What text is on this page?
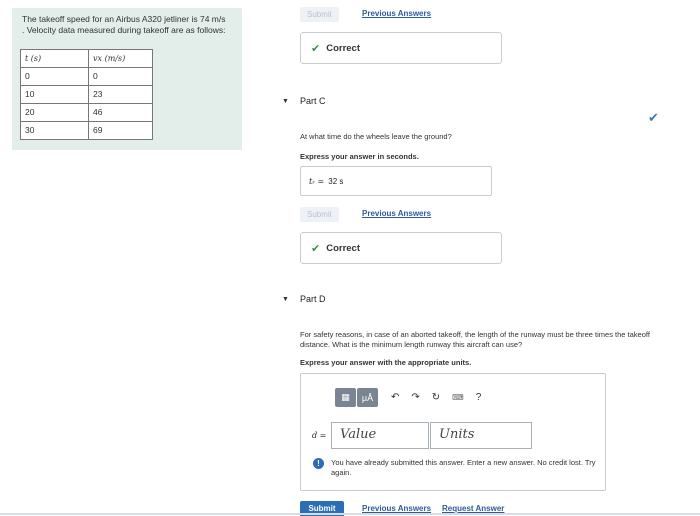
The takeoff speed for an Airbus A320 jetliner is 74 m/s . Velocity data measured during takeoff are as follows:

t (s)	vx (m/s)
0	0
10	23
20	46
30	69
✔
Submit	Previous Answers
✔ Correct
▼ Part C
At what time do the wheels leave the ground?
Express your answer in seconds.
tᵣ = 32 s
Submit	Previous Answers
✔ Correct
▼ Part D
For safety reasons, in case of an aborted takeoff, the length of the runway must be three times the takeoff distance. What is the minimum length runway this aircraft can use?
Express your answer with the appropriate units.
▦	μÅ	↶ ↷ ↻ ⌨ ?
d =	Value	Units
!	You have already submitted this answer. Enter a new answer. No credit lost. Try again.
Submit	Previous Answers Request Answer
